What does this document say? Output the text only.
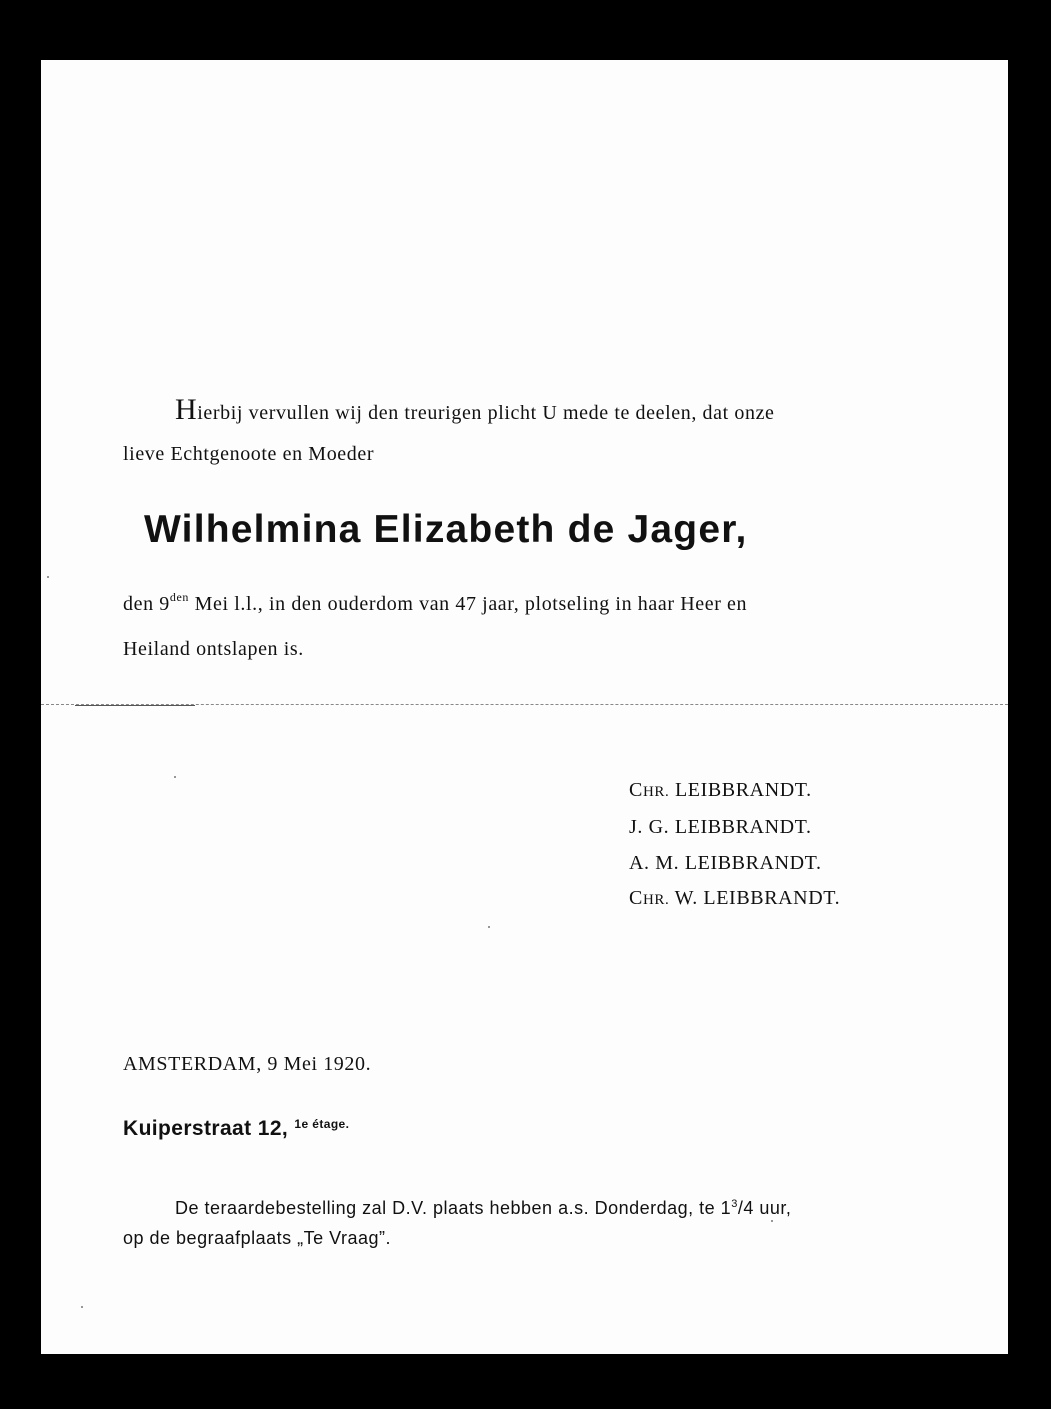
Hierbij vervullen wij den treurigen plicht U mede te deelen, dat onze
lieve Echtgenoote en Moeder
Wilhelmina Elizabeth de Jager,
den $9^{den}$ Mei l.l., in den ouderdom van 47 jaar, plotseling in haar Heer en
Heiland ontslapen is.
CHR. LEIBBRANDT.
J. G. LEIBBRANDT.
A. M. LEIBBRANDT.
CHR. W. LEIBBRANDT.
AMSTERDAM, 9 Mei 1920.
Kuiperstraat 12, $^{1e étage.}$
De teraardebestelling zal D.V. plaats hebben a.s. Donderdag, te $1^3/4$ uur,
op de begraafplaats „Te Vraag”.
